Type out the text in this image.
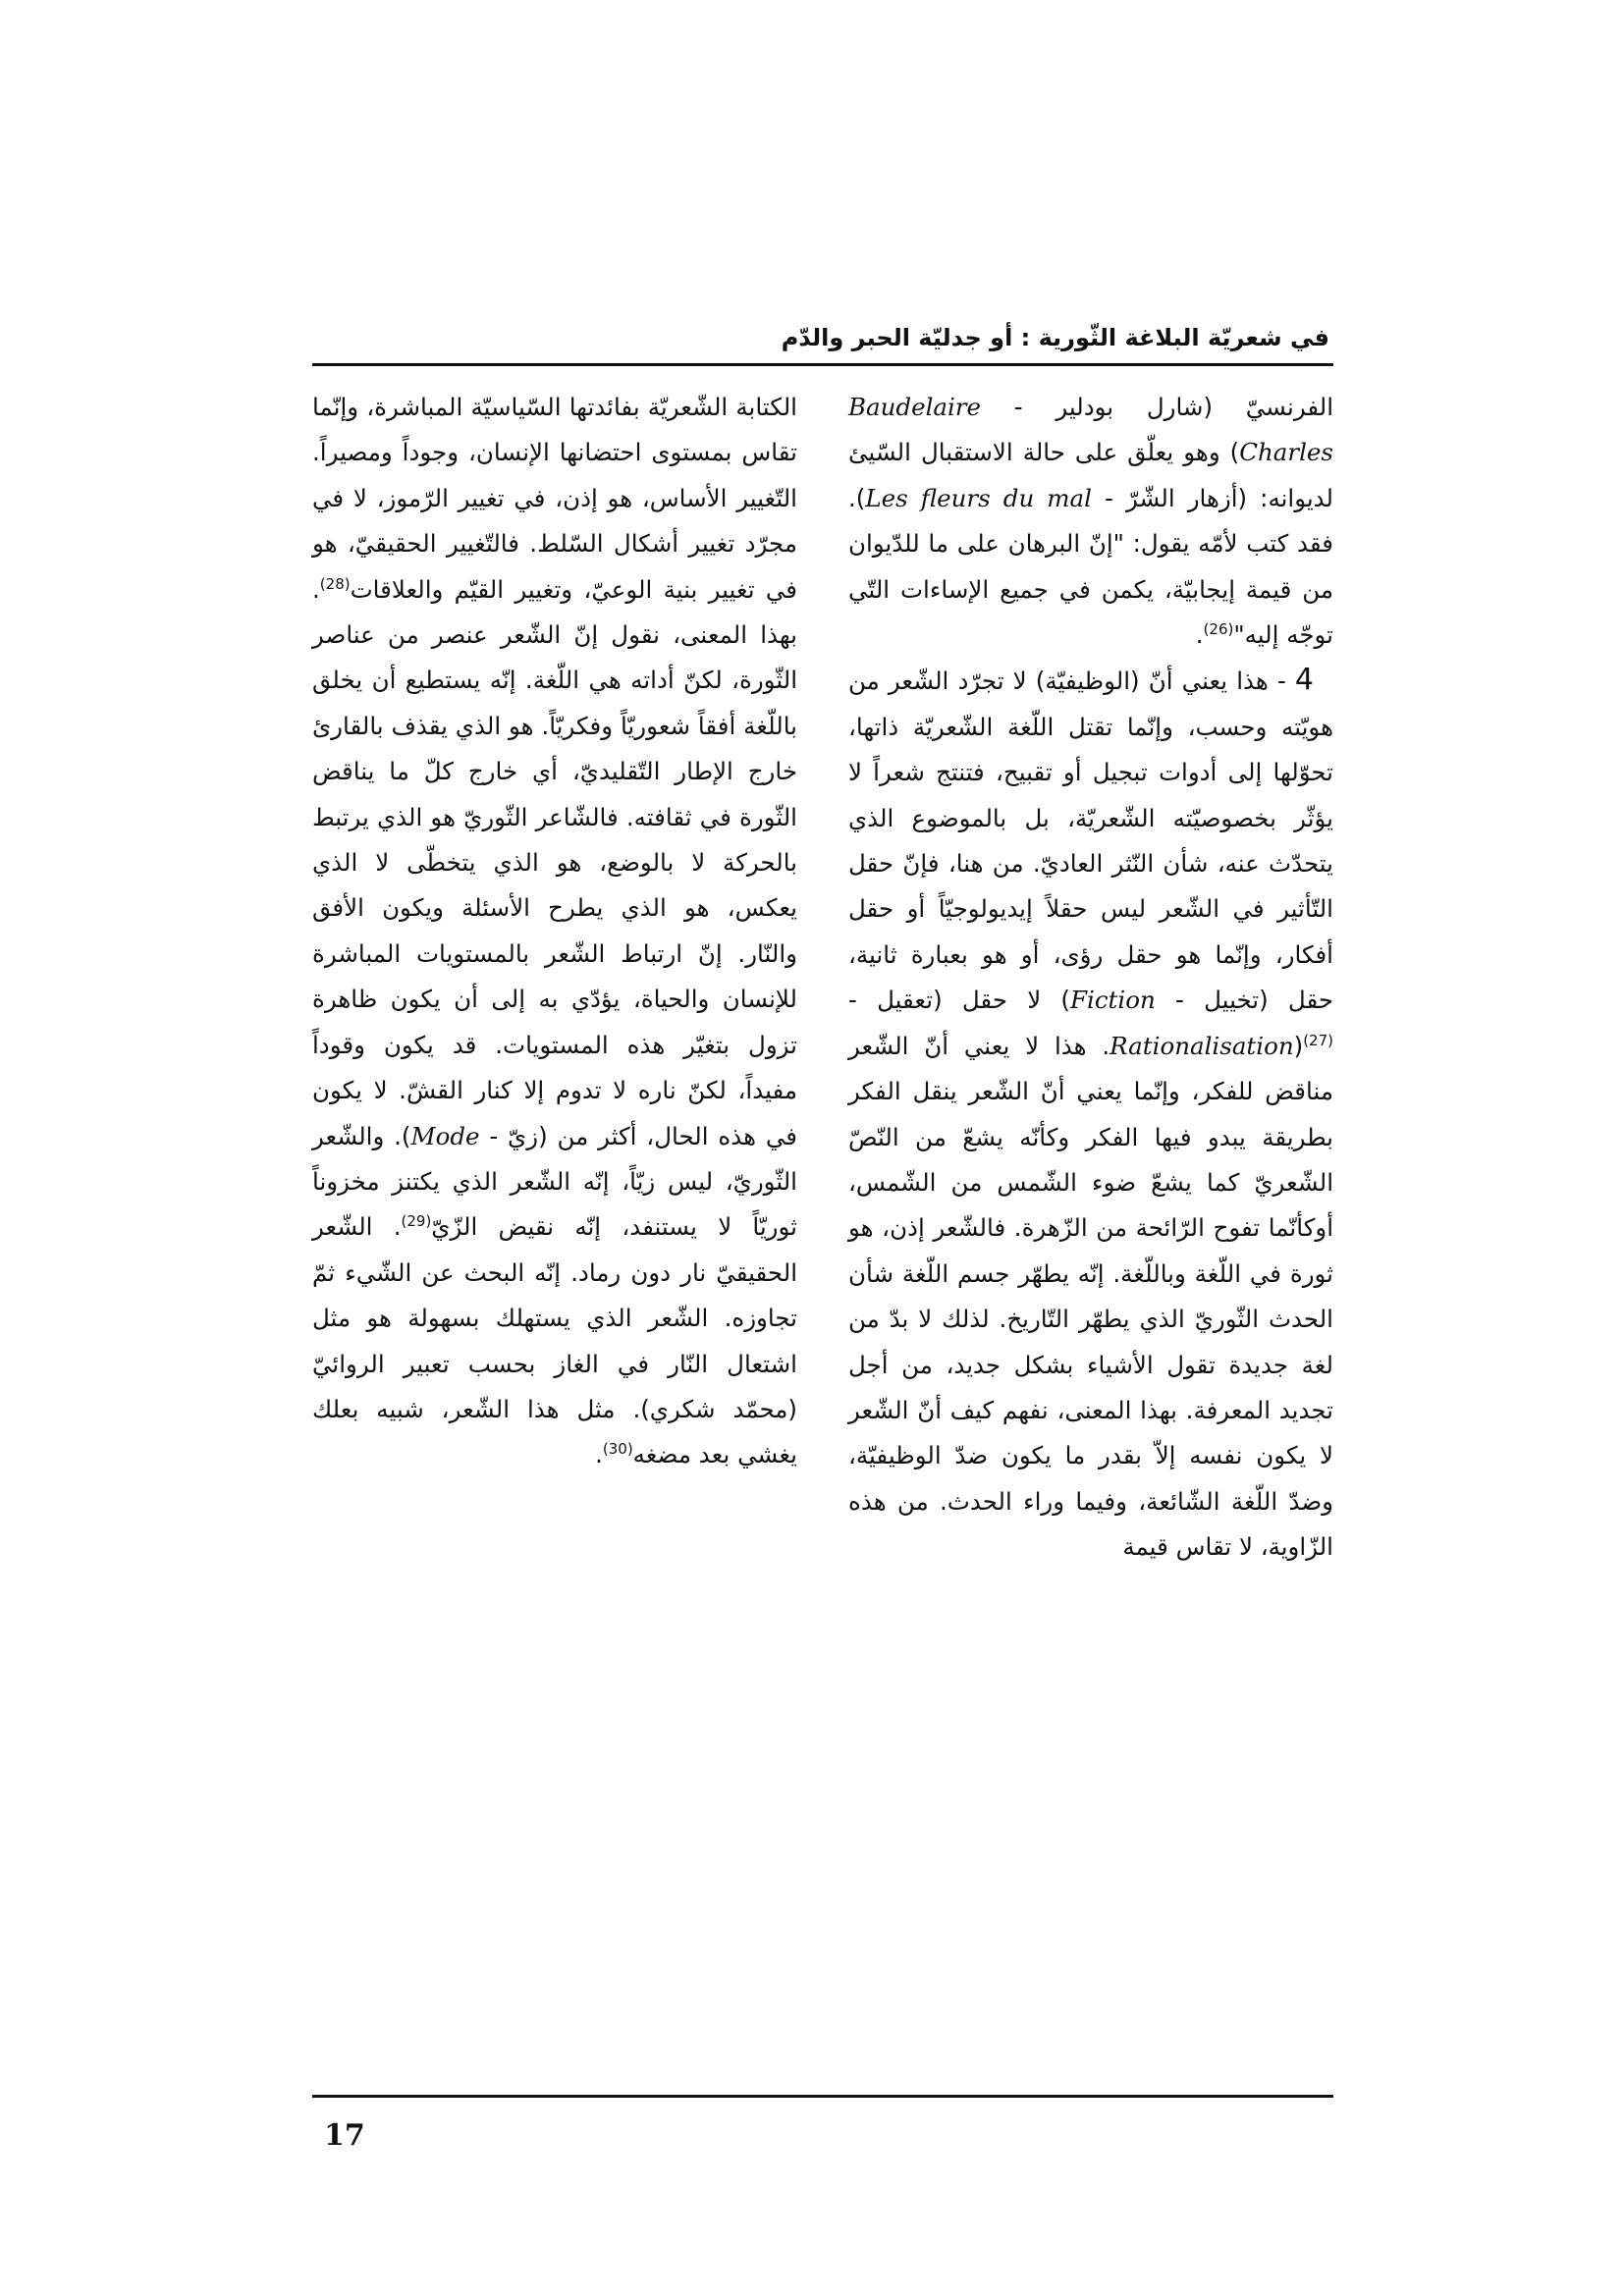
في شعريّة البلاغة الثّورية : أو جدليّة الحبر والدّم

الفرنسيّ (شارل بودلير - Baudelaire Charles) وهو يعلّق على حالة الاستقبال السّيئ لديوانه: (أزهار الشّرّ - Les fleurs du mal). فقد كتب لأمّه يقول: "إنّ البرهان على ما للدّيوان من قيمة إيجابيّة، يكمن في جميع الإساءات التّي توجّه إليه"$^{(26)}$.

4 - هذا يعني أنّ (الوظيفيّة) لا تجرّد الشّعر من هويّته وحسب، وإنّما تقتل اللّغة الشّعريّة ذاتها، تحوّلها إلى أدوات تبجيل أو تقبيح، فتنتج شعراً لا يؤثّر بخصوصيّته الشّعريّة، بل بالموضوع الذي يتحدّث عنه، شأن النّثر العاديّ. من هنا، فإنّ حقل التّأثير في الشّعر ليس حقلاً إيديولوجيّاً أو حقل أفكار، وإنّما هو حقل رؤى، أو هو بعبارة ثانية، حقل (تخييل - Fiction) لا حقل (تعقيل - Rationalisation)$^{(27)}$. هذا لا يعني أنّ الشّعر مناقض للفكر، وإنّما يعني أنّ الشّعر ينقل الفكر بطريقة يبدو فيها الفكر وكأنّه يشعّ من النّصّ الشّعريّ كما يشعّ ضوء الشّمس من الشّمس، أوكأنّما تفوح الرّائحة من الزّهرة. فالشّعر إذن، هو ثورة في اللّغة وباللّغة. إنّه يطهّر جسم اللّغة شأن الحدث الثّوريّ الذي يطهّر التّاريخ. لذلك لا بدّ من لغة جديدة تقول الأشياء بشكل جديد، من أجل تجديد المعرفة. بهذا المعنى، نفهم كيف أنّ الشّعر لا يكون نفسه إلاّ بقدر ما يكون ضدّ الوظيفيّة، وضدّ اللّغة الشّائعة، وفيما وراء الحدث. من هذه الزّاوية، لا تقاس قيمة

الكتابة الشّعريّة بفائدتها السّياسيّة المباشرة، وإنّما تقاس بمستوى احتضانها الإنسان، وجوداً ومصيراً. التّغيير الأساس، هو إذن، في تغيير الرّموز، لا في مجرّد تغيير أشكال السّلط. فالتّغيير الحقيقيّ، هو في تغيير بنية الوعيّ، وتغيير القيّم والعلاقات$^{(28)}$. بهذا المعنى، نقول إنّ الشّعر عنصر من عناصر الثّورة، لكنّ أداته هي اللّغة. إنّه يستطيع أن يخلق باللّغة أفقاً شعوريّاً وفكريّاً. هو الذي يقذف بالقارئ خارج الإطار التّقليديّ، أي خارج كلّ ما يناقض الثّورة في ثقافته. فالشّاعر الثّوريّ هو الذي يرتبط بالحركة لا بالوضع، هو الذي يتخطّى لا الذي يعكس، هو الذي يطرح الأسئلة ويكون الأفق والنّار. إنّ ارتباط الشّعر بالمستويات المباشرة للإنسان والحياة، يؤدّي به إلى أن يكون ظاهرة تزول بتغيّر هذه المستويات. قد يكون وقوداً مفيداً، لكنّ ناره لا تدوم إلا كنار القشّ. لا يكون في هذه الحال، أكثر من (زيّ - Mode). والشّعر الثّوريّ، ليس زيّاً، إنّه الشّعر الذي يكتنز مخزوناً ثوريّاً لا يستنفد، إنّه نقيض الزّيّ$^{(29)}$. الشّعر الحقيقيّ نار دون رماد. إنّه البحث عن الشّيء ثمّ تجاوزه. الشّعر الذي يستهلك بسهولة هو مثل اشتعال النّار في الغاز بحسب تعبير الروائيّ (محمّد شكري). مثل هذا الشّعر، شبيه بعلك يغشي بعد مضغه$^{(30)}$.

17
